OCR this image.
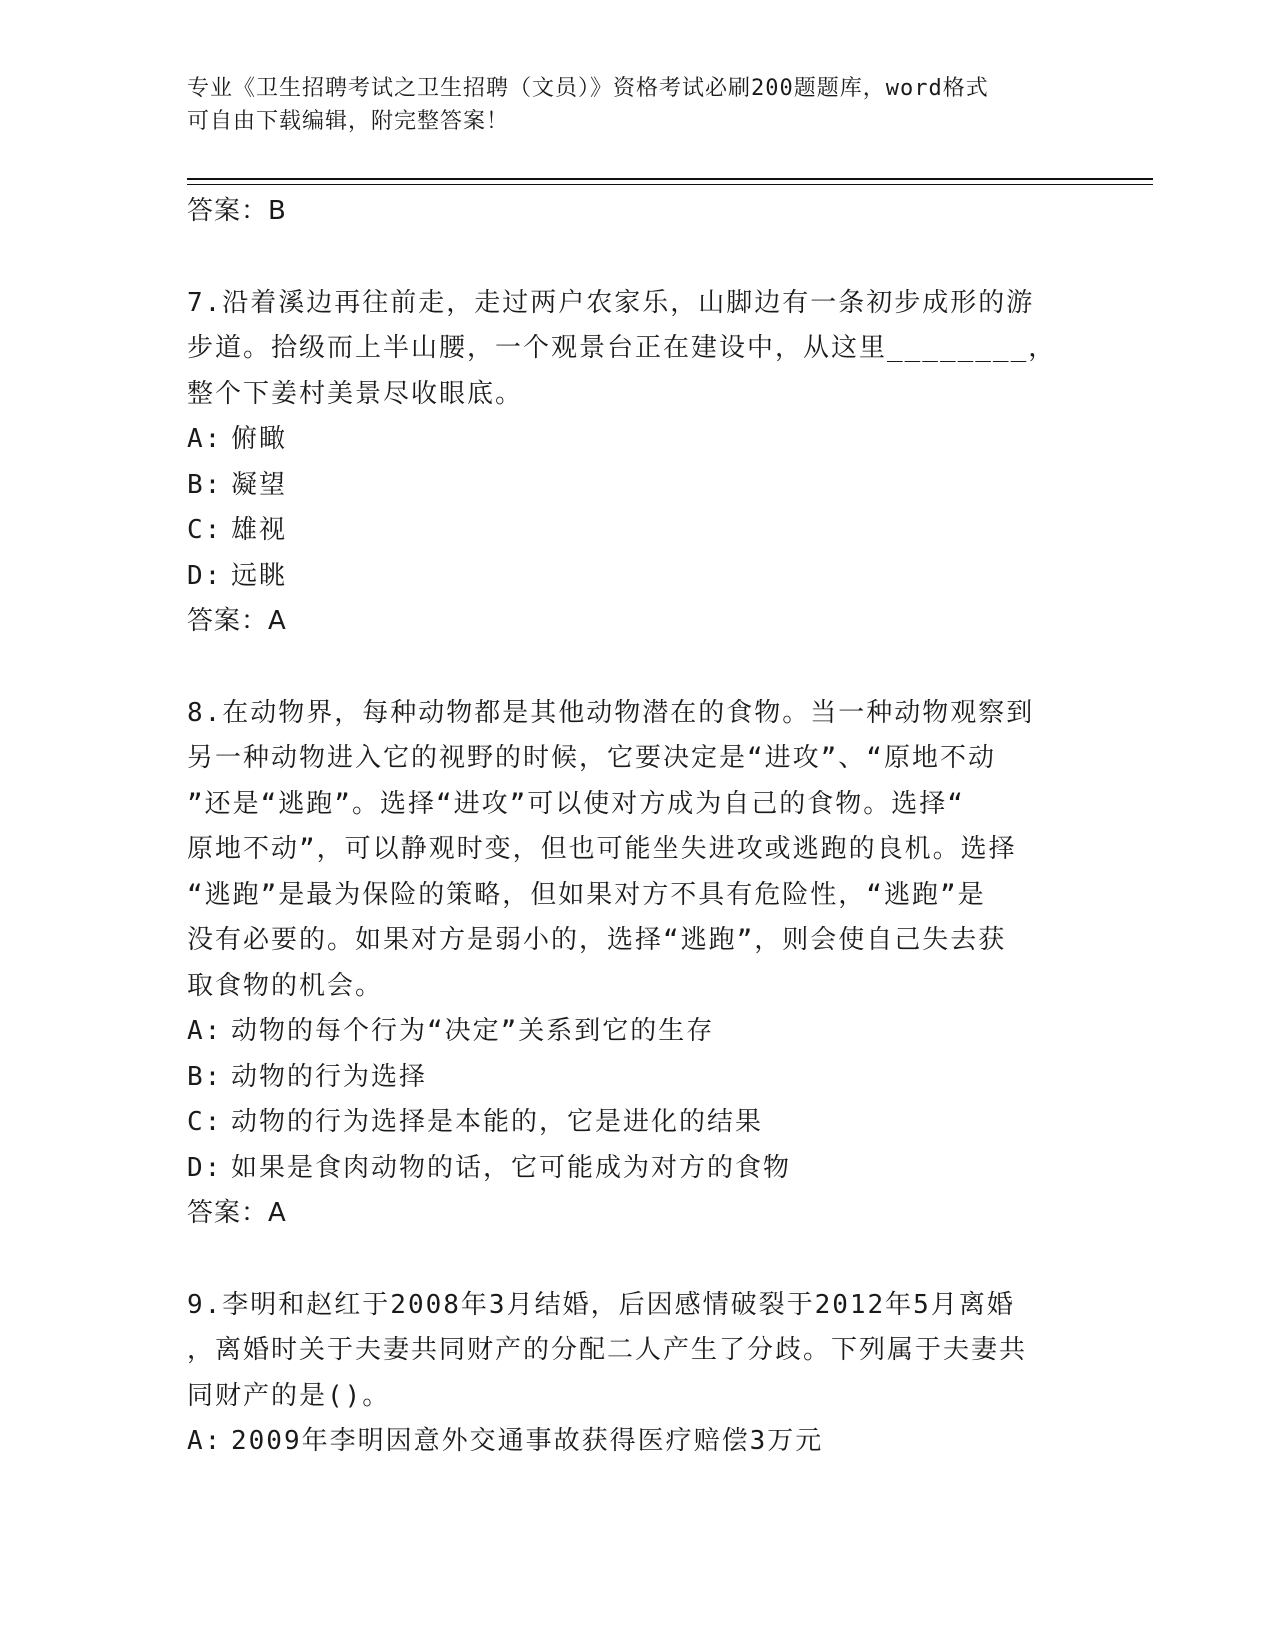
专业《卫生招聘考试之卫生招聘（文员）》资格考试必刷200题题库，word格式
可自由下载编辑，附完整答案！
答案：B
7.沿着溪边再往前走，走过两户农家乐，山脚边有一条初步成形的游
步道。拾级而上半山腰，一个观景台正在建设中，从这里________，
整个下姜村美景尽收眼底。
A: 俯瞰
B: 凝望
C: 雄视
D: 远眺
答案：A
8.在动物界，每种动物都是其他动物潜在的食物。当一种动物观察到
另一种动物进入它的视野的时候，它要决定是“进攻”、“原地不动
”还是“逃跑”。选择“进攻”可以使对方成为自己的食物。选择“
原地不动”，可以静观时变，但也可能坐失进攻或逃跑的良机。选择
“逃跑”是最为保险的策略，但如果对方不具有危险性，“逃跑”是
没有必要的。如果对方是弱小的，选择“逃跑”，则会使自己失去获
取食物的机会。
A: 动物的每个行为“决定”关系到它的生存
B: 动物的行为选择
C: 动物的行为选择是本能的，它是进化的结果
D: 如果是食肉动物的话，它可能成为对方的食物
答案：A
9.李明和赵红于2008年3月结婚，后因感情破裂于2012年5月离婚
，离婚时关于夫妻共同财产的分配二人产生了分歧。下列属于夫妻共
同财产的是()。
A: 2009年李明因意外交通事故获得医疗赔偿3万元
